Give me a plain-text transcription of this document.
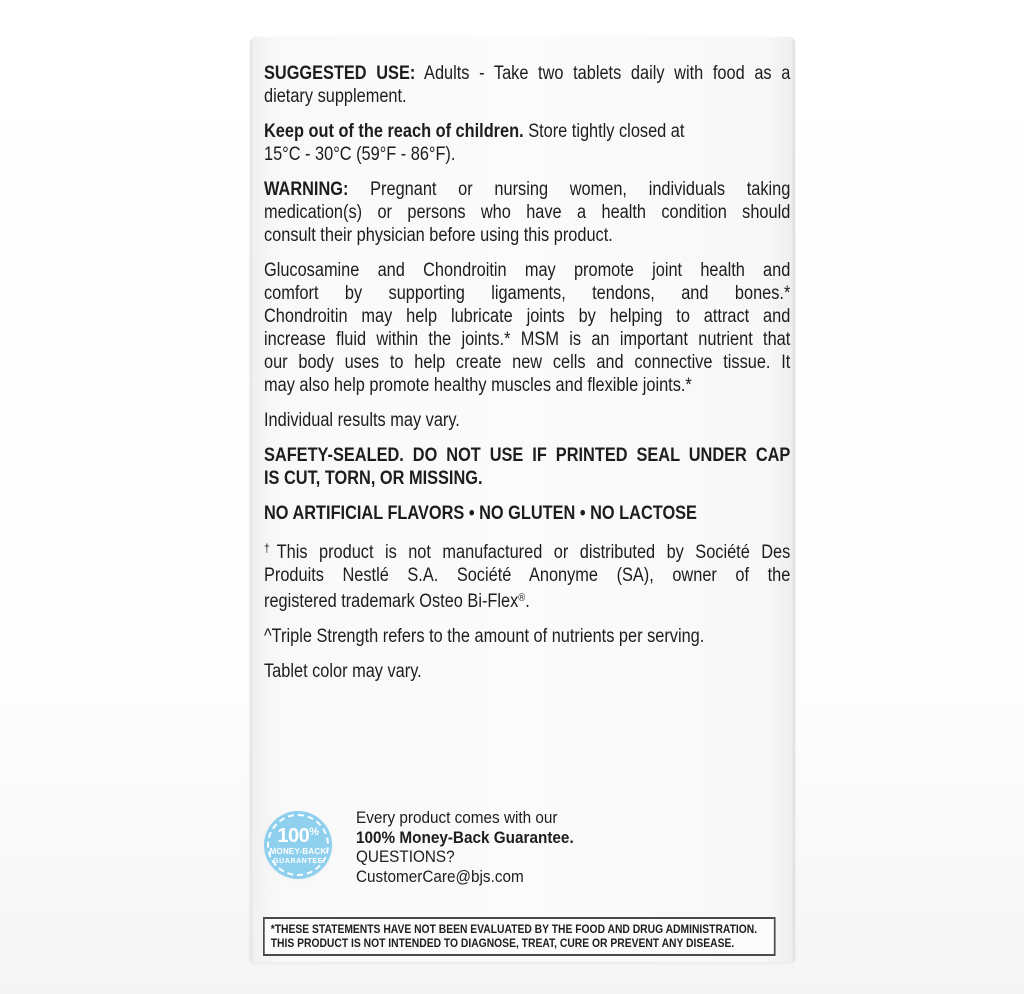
SUGGESTED USE: Adults - Take two tablets daily with food as a
dietary supplement.
Keep out of the reach of children. Store tightly closed at
15°C - 30°C (59°F - 86°F).
WARNING: Pregnant or nursing women, individuals taking
medication(s) or persons who have a health condition should
consult their physician before using this product.
Glucosamine and Chondroitin may promote joint health and
comfort by supporting ligaments, tendons, and bones.*
Chondroitin may help lubricate joints by helping to attract and
increase fluid within the joints.* MSM is an important nutrient that
our body uses to help create new cells and connective tissue. It
may also help promote healthy muscles and flexible joints.*
Individual results may vary.
SAFETY-SEALED. DO NOT USE IF PRINTED SEAL UNDER CAP
IS CUT, TORN, OR MISSING.
NO ARTIFICIAL FLAVORS • NO GLUTEN • NO LACTOSE
†This product is not manufactured or distributed by Société Des
Produits Nestlé S.A. Société Anonyme (SA), owner of the
registered trademark Osteo Bi-Flex®.
^Triple Strength refers to the amount of nutrients per serving.
Tablet color may vary.
100%
MONEY-BACK
GUARANTEE
Every product comes with our
100% Money-Back Guarantee.
QUESTIONS?
CustomerCare@bjs.com
*THESE STATEMENTS HAVE NOT BEEN EVALUATED BY THE FOOD AND DRUG ADMINISTRATION.
THIS PRODUCT IS NOT INTENDED TO DIAGNOSE, TREAT, CURE OR PREVENT ANY DISEASE.
